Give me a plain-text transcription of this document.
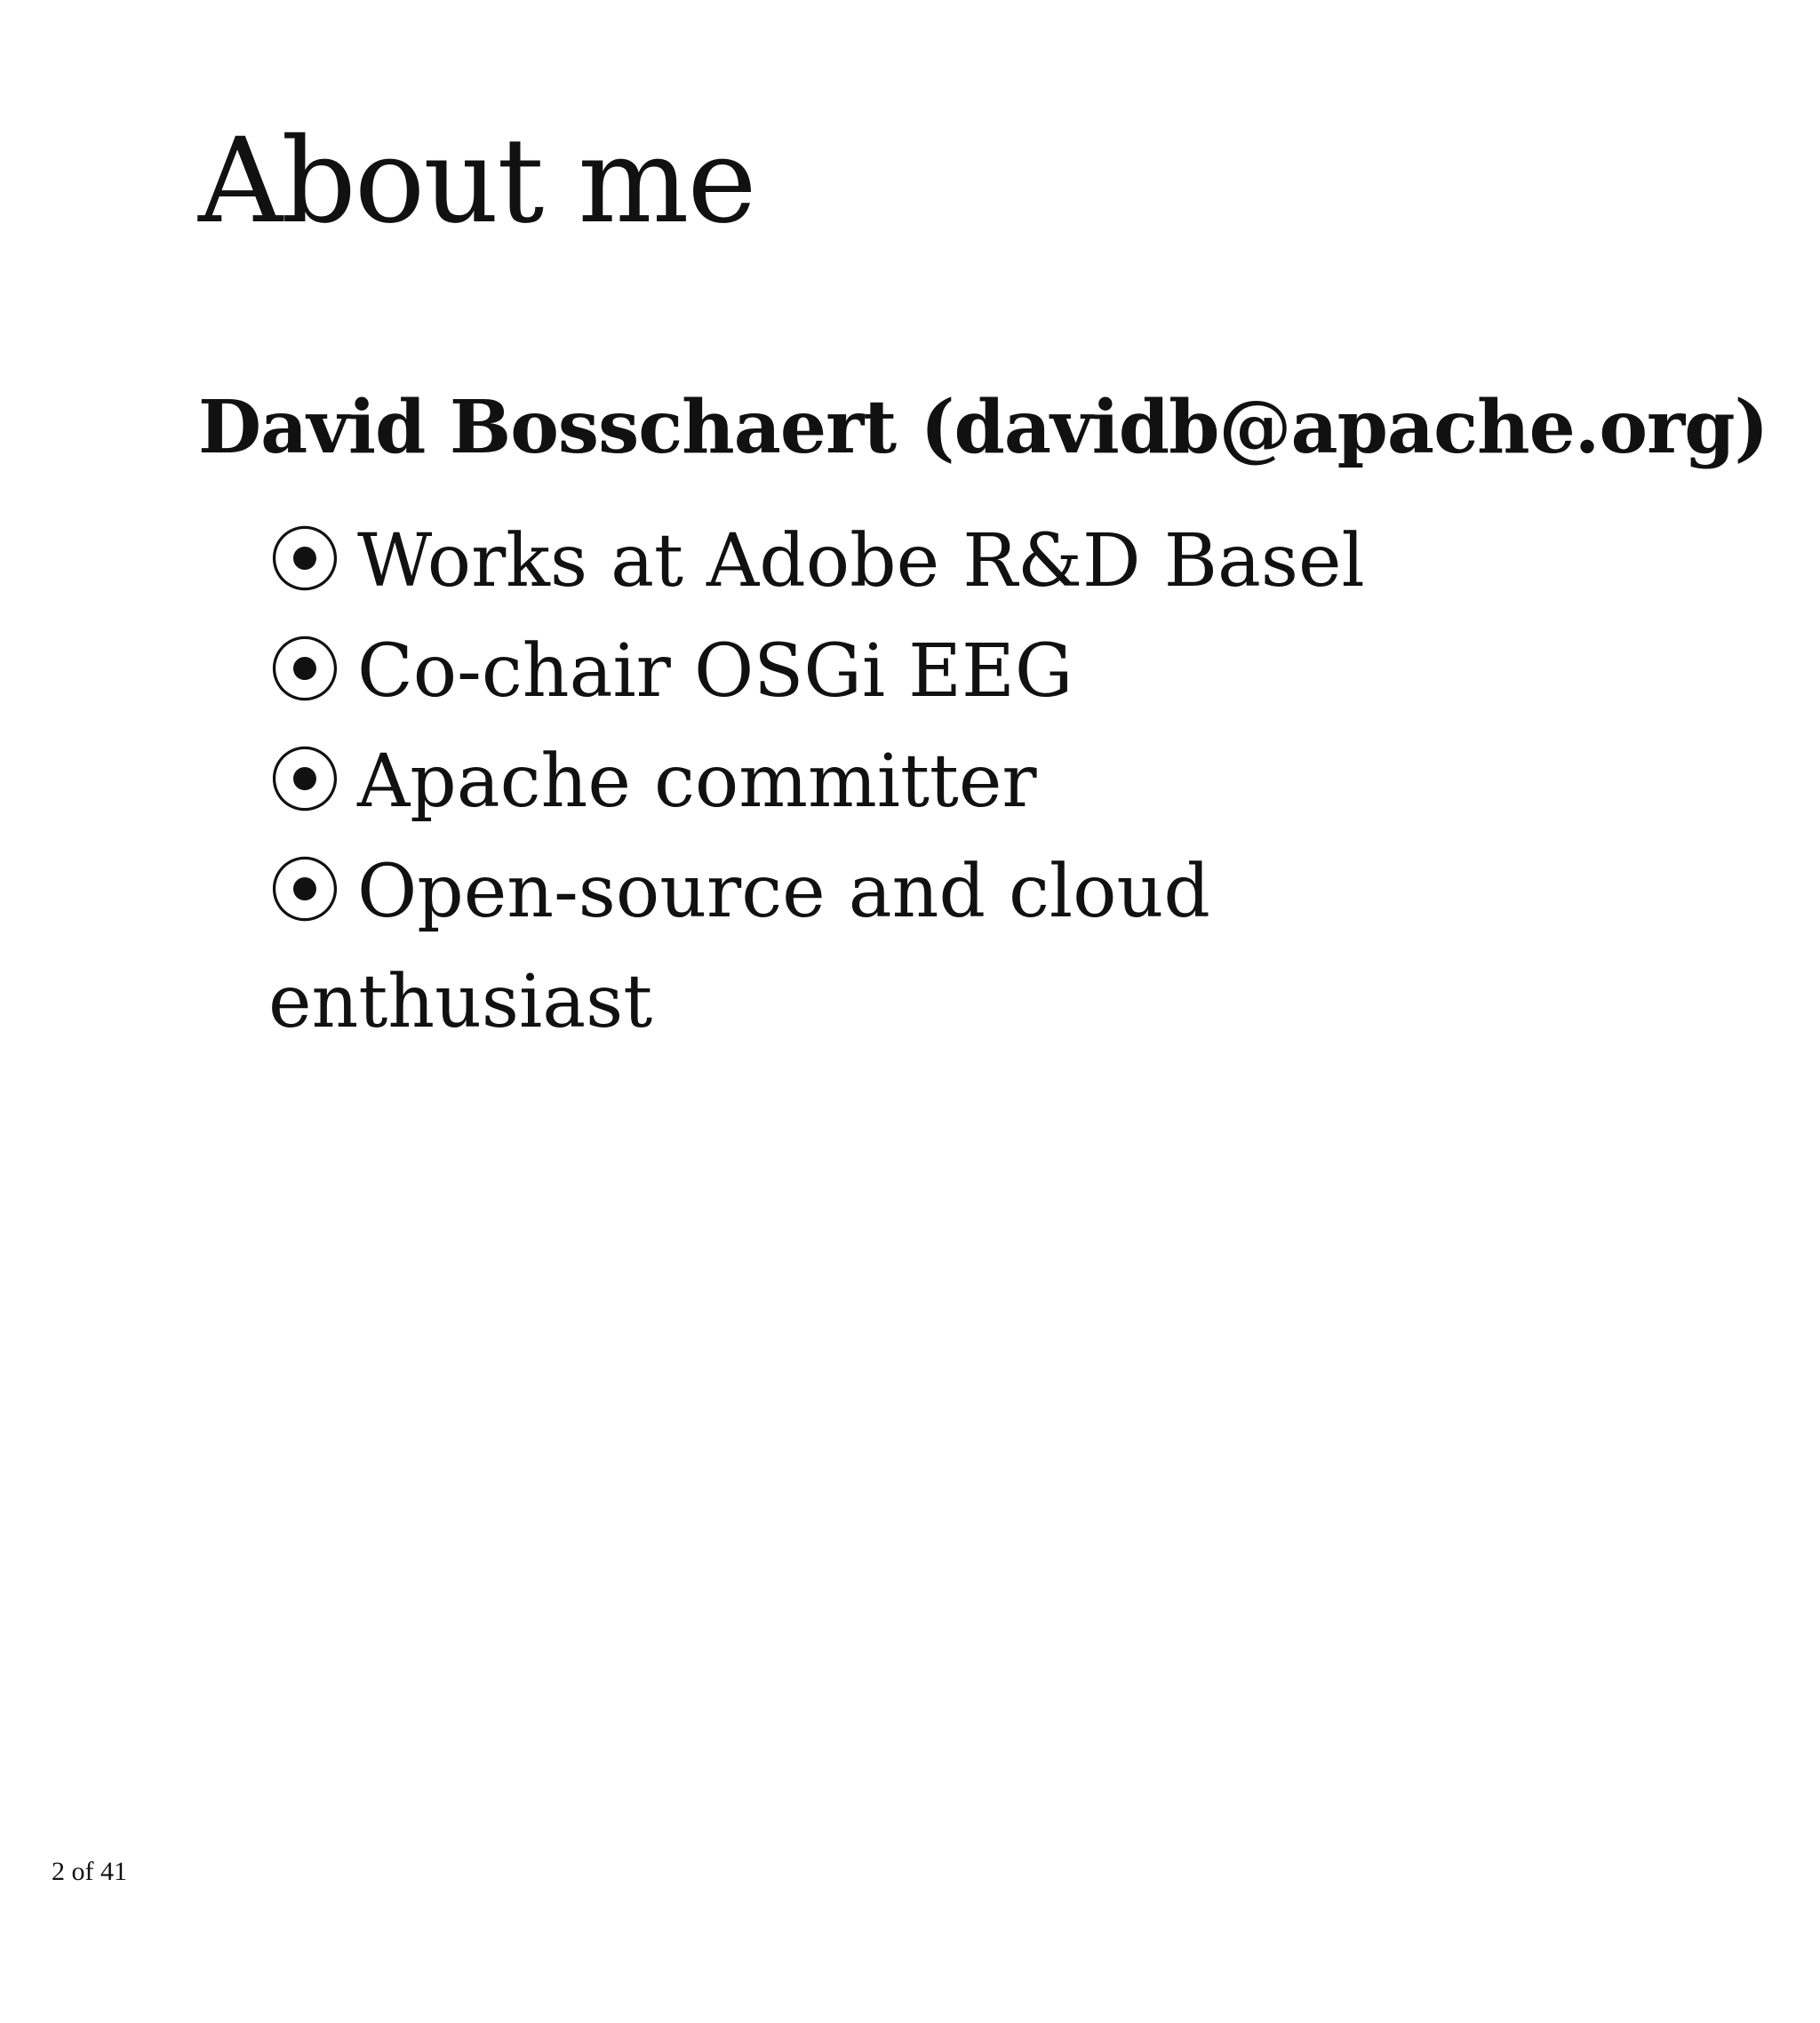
About me
David Bosschaert (davidb@apache.org)
⦿ Works at Adobe R&D Basel
⦿ Co-chair OSGi EEG
⦿ Apache committer
⦿ Open-source and cloud enthusiast
2 of 41
